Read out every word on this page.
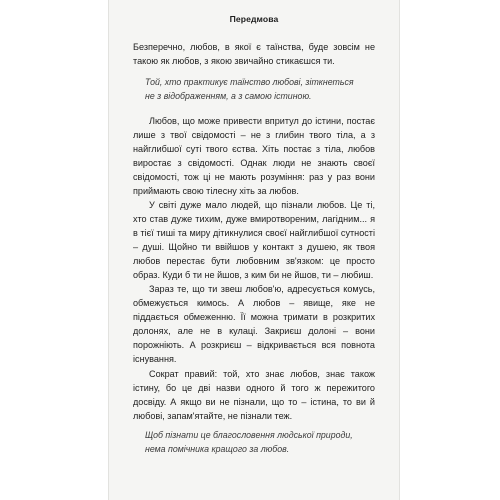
Передмова

Безперечно, любов, в якої є таїнства, буде зовсім не такою як любов, з якою звичайно стикаєшся ти.

Той, хто практикує таїнство любові, зіткнеться
не з відображенням, а з самою істиною.

Любов, що може привести впритул до істини, постає лише з твої свідомості – не з глибин твого тіла, а з найглибшої суті твого єства. Хіть постає з тіла, любов виростає з свідомості. Однак люди не знають своєї свідомості, тож ці не мають розуміння: раз у раз вони приймають свою тілесну хіть за любов.

У світі дуже мало людей, що пізнали любов. Це ті, хто став дуже тихим, дуже вмиротвореним, лагідним... я в тієї тиші та миру дітикнулися своєї найглибшої сутності – душі. Щойно ти ввійшов у контакт з душею, як твоя любов перестає бути любовним зв'язком: це просто образ. Куди б ти не йшов, з ким би не йшов, ти – любиш.

Зараз те, що ти звеш любов'ю, адресується комусь, обмежується кимось. А любов – явище, яке не піддається обмеженню. Її можна тримати в розкритих долонях, але не в кулаці. Закриєш долоні – вони порожніють. А розкриєш – відкривається вся повнота існування.

Сократ правий: той, хто знає любов, знає також істину, бо це дві назви одного й того ж пережитого досвіду. А якщо ви не пізнали, що то – істина, то ви й любові, запам'ятайте, не пізнали теж.

Щоб пізнати це благословення людської природи,
нема помічника кращого за любов.
